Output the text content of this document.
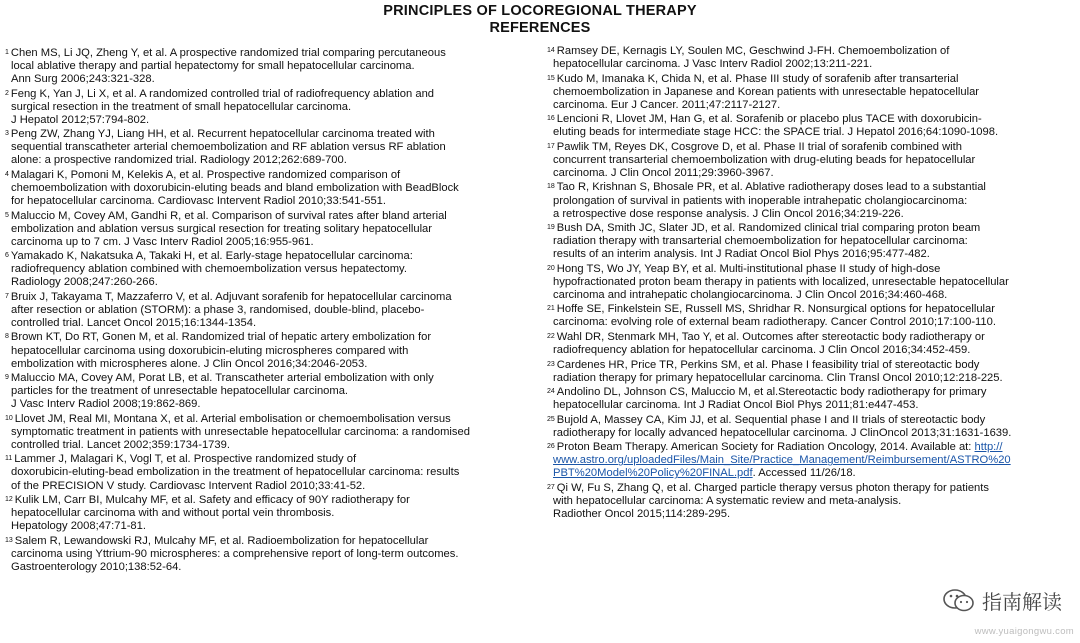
PRINCIPLES OF LOCOREGIONAL THERAPY
REFERENCES
$^1$ Chen MS, Li JQ, Zheng Y, et al. A prospective randomized trial comparing percutaneous
local ablative therapy and partial hepatectomy for small hepatocellular carcinoma.
Ann Surg 2006;243:321-328.
$^2$ Feng K, Yan J, Li X, et al. A randomized controlled trial of radiofrequency ablation and
surgical resection in the treatment of small hepatocellular carcinoma.
J Hepatol 2012;57:794-802.
$^3$ Peng ZW, Zhang YJ, Liang HH, et al. Recurrent hepatocellular carcinoma treated with
sequential transcatheter arterial chemoembolization and RF ablation versus RF ablation
alone: a prospective randomized trial. Radiology 2012;262:689-700.
$^4$ Malagari K, Pomoni M, Kelekis A, et al. Prospective randomized comparison of
chemoembolization with doxorubicin-eluting beads and bland embolization with BeadBlock
for hepatocellular carcinoma. Cardiovasc Intervent Radiol 2010;33:541-551.
$^5$ Maluccio M, Covey AM, Gandhi R, et al. Comparison of survival rates after bland arterial
embolization and ablation versus surgical resection for treating solitary hepatocellular
carcinoma up to 7 cm. J Vasc Interv Radiol 2005;16:955-961.
$^6$ Yamakado K, Nakatsuka A, Takaki H, et al. Early-stage hepatocellular carcinoma:
radiofrequency ablation combined with chemoembolization versus hepatectomy.
Radiology 2008;247:260-266.
$^7$ Bruix J, Takayama T, Mazzaferro V, et al. Adjuvant sorafenib for hepatocellular carcinoma
after resection or ablation (STORM): a phase 3, randomised, double-blind, placebo-
controlled trial. Lancet Oncol 2015;16:1344-1354.
$^8$ Brown KT, Do RT, Gonen M, et al. Randomized trial of hepatic artery embolization for
hepatocellular carcinoma using doxorubicin-eluting microspheres compared with
embolization with microspheres alone. J Clin Oncol 2016;34:2046-2053.
$^9$ Maluccio MA, Covey AM, Porat LB, et al. Transcatheter arterial embolization with only
particles for the treatment of unresectable hepatocellular carcinoma.
J Vasc Interv Radiol 2008;19:862-869.
$^{10}$ Llovet JM, Real MI, Montana X, et al. Arterial embolisation or chemoembolisation versus
symptomatic treatment in patients with unresectable hepatocellular carcinoma: a randomised
controlled trial. Lancet 2002;359:1734-1739.
$^{11}$ Lammer J, Malagari K, Vogl T, et al. Prospective randomized study of
doxorubicin-eluting-bead embolization in the treatment of hepatocellular carcinoma: results
of the PRECISION V study. Cardiovasc Intervent Radiol 2010;33:41-52.
$^{12}$ Kulik LM, Carr BI, Mulcahy MF, et al. Safety and efficacy of 90Y radiotherapy for
hepatocellular carcinoma with and without portal vein thrombosis.
Hepatology 2008;47:71-81.
$^{13}$ Salem R, Lewandowski RJ, Mulcahy MF, et al. Radioembolization for hepatocellular
carcinoma using Yttrium-90 microspheres: a comprehensive report of long-term outcomes.
Gastroenterology 2010;138:52-64.
$^{14}$ Ramsey DE, Kernagis LY, Soulen MC, Geschwind J-FH. Chemoembolization of
hepatocellular carcinoma. J Vasc Interv Radiol 2002;13:211-221.
$^{15}$ Kudo M, Imanaka K, Chida N, et al. Phase III study of sorafenib after transarterial
chemoembolization in Japanese and Korean patients with unresectable hepatocellular
carcinoma. Eur J Cancer. 2011;47:2117-2127.
$^{16}$ Lencioni R, Llovet JM, Han G, et al. Sorafenib or placebo plus TACE with doxorubicin-
eluting beads for intermediate stage HCC: the SPACE trial. J Hepatol 2016;64:1090-1098.
$^{17}$ Pawlik TM, Reyes DK, Cosgrove D, et al. Phase II trial of sorafenib combined with
concurrent transarterial chemoembolization with drug-eluting beads for hepatocellular
carcinoma. J Clin Oncol 2011;29:3960-3967.
$^{18}$ Tao R, Krishnan S, Bhosale PR, et al. Ablative radiotherapy doses lead to a substantial
prolongation of survival in patients with inoperable intrahepatic cholangiocarcinoma:
a retrospective dose response analysis. J Clin Oncol 2016;34:219-226.
$^{19}$ Bush DA, Smith JC, Slater JD, et al. Randomized clinical trial comparing proton beam
radiation therapy with transarterial chemoembolization for hepatocellular carcinoma:
results of an interim analysis. Int J Radiat Oncol Biol Phys 2016;95:477-482.
$^{20}$ Hong TS, Wo JY, Yeap BY, et al. Multi-institutional phase II study of high-dose
hypofractionated proton beam therapy in patients with localized, unresectable hepatocellular
carcinoma and intrahepatic cholangiocarcinoma. J Clin Oncol 2016;34:460-468.
$^{21}$ Hoffe SE, Finkelstein SE, Russell MS, Shridhar R. Nonsurgical options for hepatocellular
carcinoma: evolving role of external beam radiotherapy. Cancer Control 2010;17:100-110.
$^{22}$ Wahl DR, Stenmark MH, Tao Y, et al. Outcomes after stereotactic body radiotherapy or
radiofrequency ablation for hepatocellular carcinoma. J Clin Oncol 2016;34:452-459.
$^{23}$ Cardenes HR, Price TR, Perkins SM, et al. Phase I feasibility trial of stereotactic body
radiation therapy for primary hepatocellular carcinoma. Clin Transl Oncol 2010;12:218-225.
$^{24}$ Andolino DL, Johnson CS, Maluccio M, et al.Stereotactic body radiotherapy for primary
hepatocellular carcinoma. Int J Radiat Oncol Biol Phys 2011;81:e447-453.
$^{25}$ Bujold A, Massey CA, Kim JJ, et al. Sequential phase I and II trials of stereotactic body
radiotherapy for locally advanced hepatocellular carcinoma. J ClinOncol 2013;31:1631-1639.
$^{26}$ Proton Beam Therapy. American Society for Radiation Oncology, 2014. Available at: http://
www.astro.org/uploadedFiles/Main_Site/Practice_Management/Reimbursement/ASTRO%20
PBT%20Model%20Policy%20FINAL.pdf. Accessed 11/26/18.
$^{27}$ Qi W, Fu S, Zhang Q, et al. Charged particle therapy versus photon therapy for patients
with hepatocellular carcinoma: A systematic review and meta-analysis.
Radiother Oncol 2015;114:289-295.
指南解读
www.yuaigongwu.com
